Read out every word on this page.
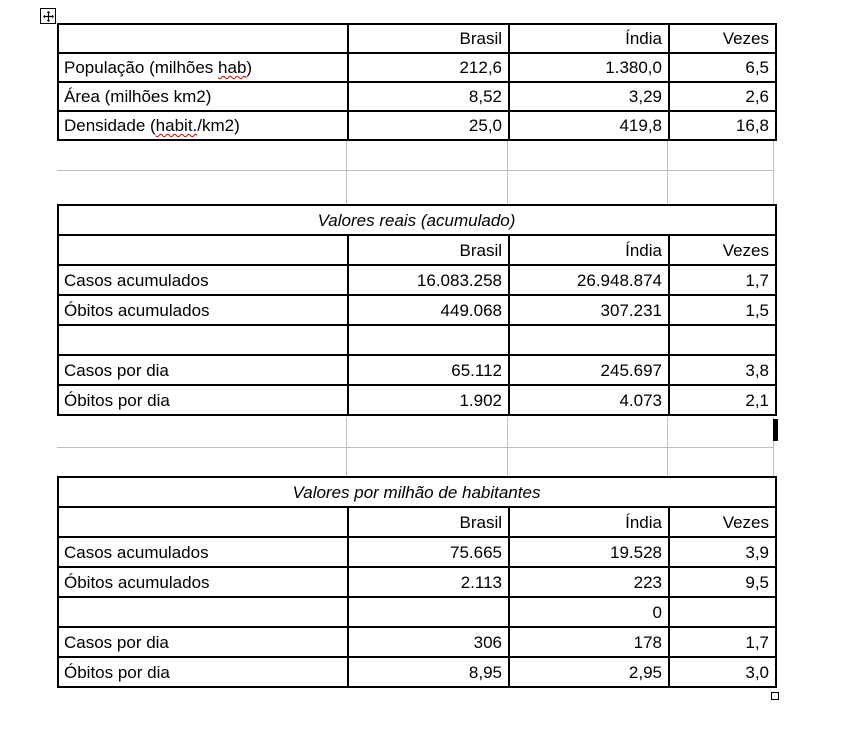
	Brasil	Índia	Vezes
População (milhões hab)	212,6	1.380,0	6,5
Área (milhões km2)	8,52	3,29	2,6
Densidade (habit./km2)	25,0	419,8	16,8
Valores reais (acumulado)			
	Brasil	Índia	Vezes
Casos acumulados	16.083.258	26.948.874	1,7
Óbitos acumulados	449.068	307.231	1,5

Casos por dia	65.112	245.697	3,8
Óbitos por dia	1.902	4.073	2,1
Valores por milhão de habitantes			
	Brasil	Índia	Vezes
Casos acumulados	75.665	19.528	3,9
Óbitos acumulados	2.113	223	9,5
		0	
Casos por dia	306	178	1,7
Óbitos por dia	8,95	2,95	3,0
